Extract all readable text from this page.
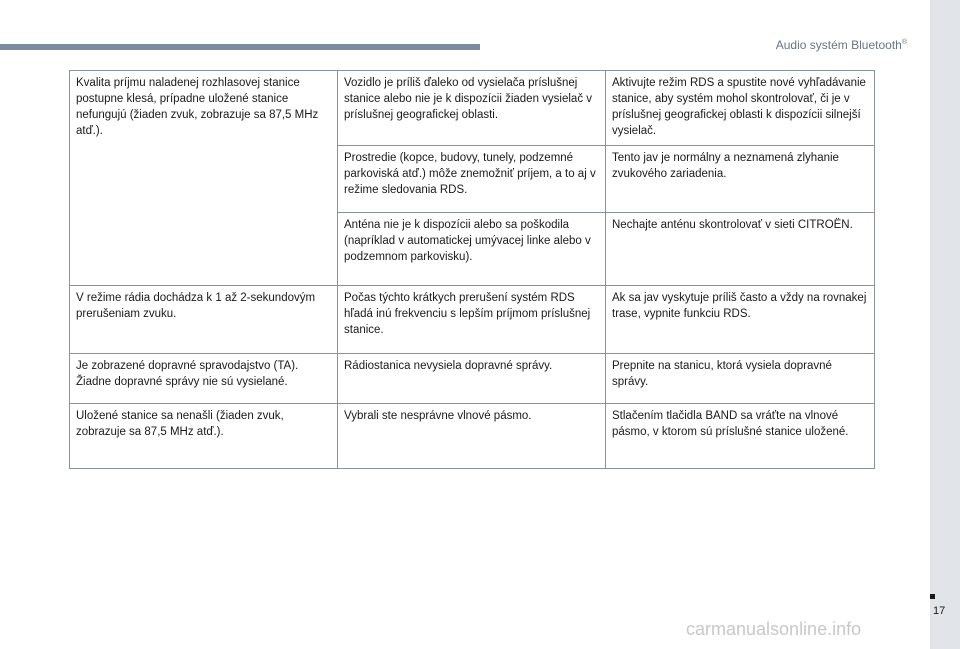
Audio systém Bluetooth®
Kvalita príjmu naladenej rozhlasovej stanice postupne klesá, prípadne uložené stanice nefungujú (žiaden zvuk, zobrazuje sa 87,5 MHz atď.).	Vozidlo je príliš ďaleko od vysielača príslušnej stanice alebo nie je k dispozícii žiaden vysielač v príslušnej geografickej oblasti.	Aktivujte režim RDS a spustite nové vyhľadávanie stanice, aby systém mohol skontrolovať, či je v príslušnej geografickej oblasti k dispozícii silnejší vysielač.
	Prostredie (kopce, budovy, tunely, podzemné parkoviská atď.) môže znemožniť príjem, a to aj v režime sledovania RDS.	Tento jav je normálny a neznamená zlyhanie zvukového zariadenia.
	Anténa nie je k dispozícii alebo sa poškodila (napríklad v automatickej umývacej linke alebo v podzemnom parkovisku).	Nechajte anténu skontrolovať v sieti CITROËN.
V režime rádia dochádza k 1 až 2-sekundovým prerušeniam zvuku.	Počas týchto krátkych prerušení systém RDS hľadá inú frekvenciu s lepším príjmom príslušnej stanice.	Ak sa jav vyskytuje príliš často a vždy na rovnakej trase, vypnite funkciu RDS.
Je zobrazené dopravné spravodajstvo (TA). Žiadne dopravné správy nie sú vysielané.	Rádiostanica nevysiela dopravné správy.	Prepnite na stanicu, ktorá vysiela dopravné správy.
Uložené stanice sa nenašli (žiaden zvuk, zobrazuje sa 87,5 MHz atď.).	Vybrali ste nesprávne vlnové pásmo.	Stlačením tlačidla BAND sa vráťte na vlnové pásmo, v ktorom sú príslušné stanice uložené.
17
carmanualsonline.info
